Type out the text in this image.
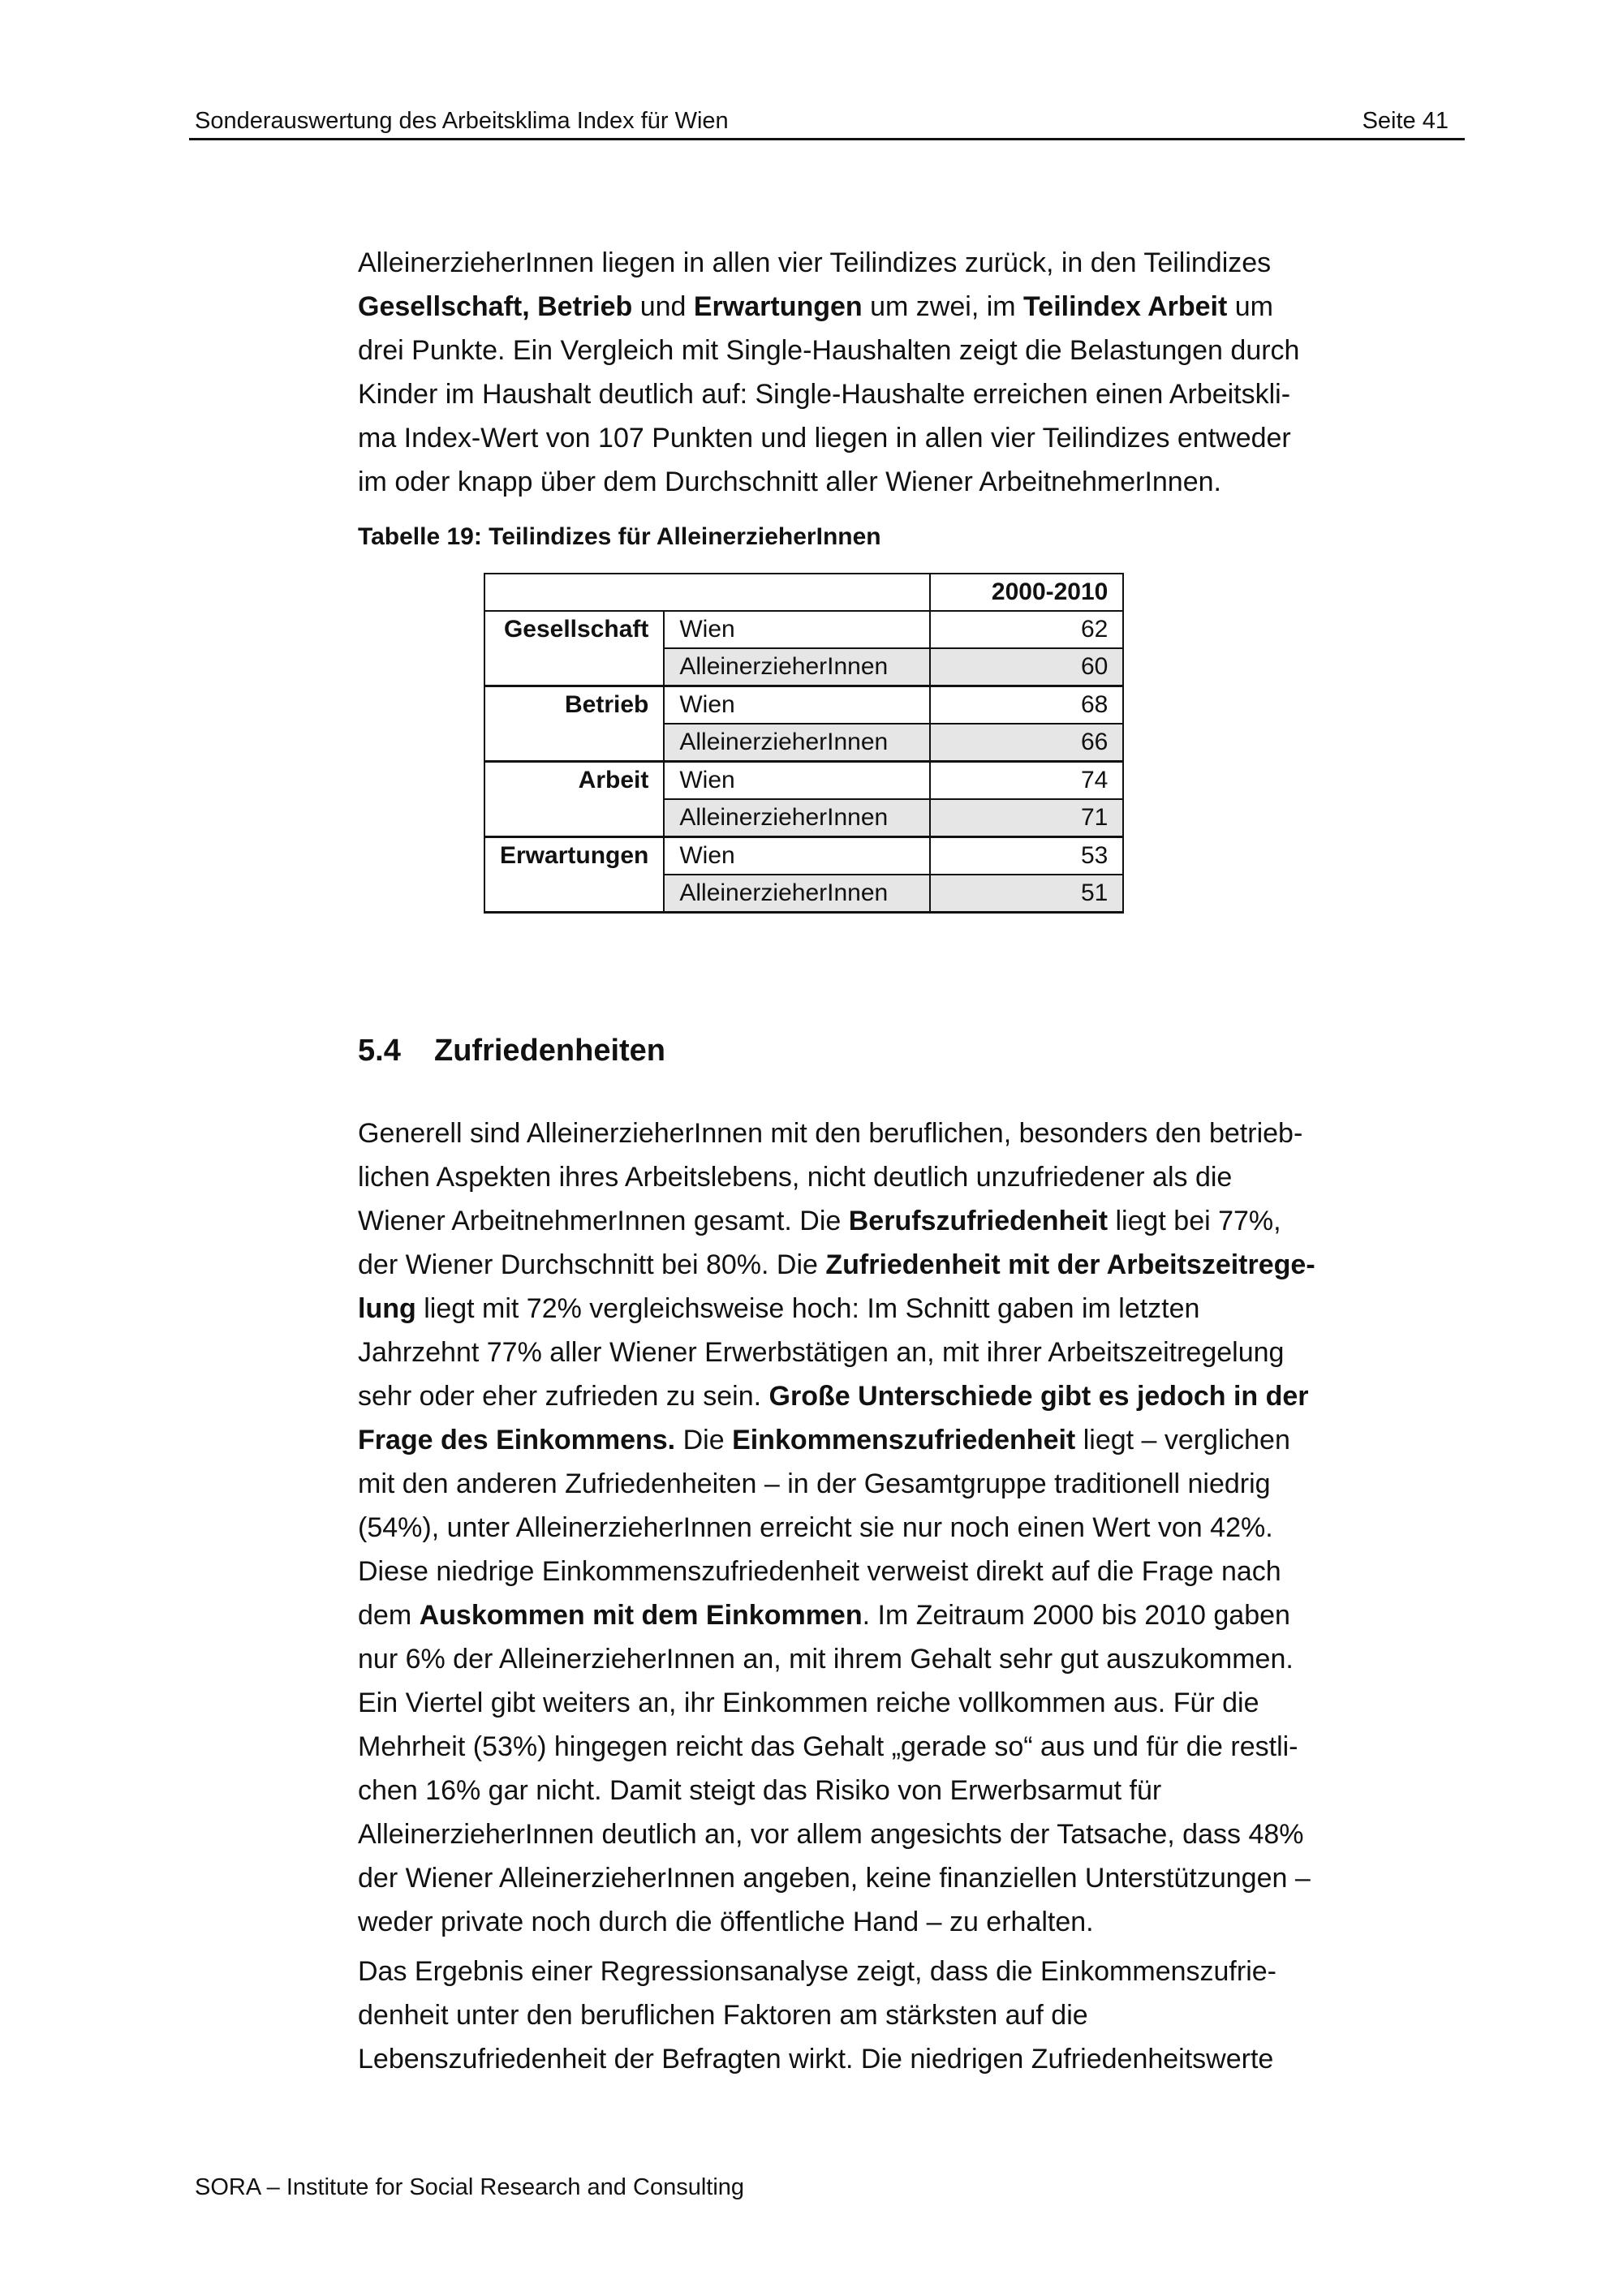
Sonderauswertung des Arbeitsklima Index für Wien	Seite 41
AlleinerzieherInnen liegen in allen vier Teilindizes zurück, in den Teilindizes
Gesellschaft, Betrieb und Erwartungen um zwei, im Teilindex Arbeit um
drei Punkte. Ein Vergleich mit Single-Haushalten zeigt die Belastungen durch
Kinder im Haushalt deutlich auf: Single-Haushalte erreichen einen Arbeitskli-
ma Index-Wert von 107 Punkten und liegen in allen vier Teilindizes entweder
im oder knapp über dem Durchschnitt aller Wiener ArbeitnehmerInnen.
Tabelle 19: Teilindizes für AlleinerzieherInnen
		2000-2010
Gesellschaft	Wien	62
	AlleinerzieherInnen	60
Betrieb	Wien	68
	AlleinerzieherInnen	66
Arbeit	Wien	74
	AlleinerzieherInnen	71
Erwartungen	Wien	53
	AlleinerzieherInnen	51
5.4 Zufriedenheiten
Generell sind AlleinerzieherInnen mit den beruflichen, besonders den betrieb-
lichen Aspekten ihres Arbeitslebens, nicht deutlich unzufriedener als die
Wiener ArbeitnehmerInnen gesamt. Die Berufszufriedenheit liegt bei 77%,
der Wiener Durchschnitt bei 80%. Die Zufriedenheit mit der Arbeitszeitrege-
lung liegt mit 72% vergleichsweise hoch: Im Schnitt gaben im letzten
Jahrzehnt 77% aller Wiener Erwerbstätigen an, mit ihrer Arbeitszeitregelung
sehr oder eher zufrieden zu sein. Große Unterschiede gibt es jedoch in der
Frage des Einkommens. Die Einkommenszufriedenheit liegt – verglichen
mit den anderen Zufriedenheiten – in der Gesamtgruppe traditionell niedrig
(54%), unter AlleinerzieherInnen erreicht sie nur noch einen Wert von 42%.
Diese niedrige Einkommenszufriedenheit verweist direkt auf die Frage nach
dem Auskommen mit dem Einkommen. Im Zeitraum 2000 bis 2010 gaben
nur 6% der AlleinerzieherInnen an, mit ihrem Gehalt sehr gut auszukommen.
Ein Viertel gibt weiters an, ihr Einkommen reiche vollkommen aus. Für die
Mehrheit (53%) hingegen reicht das Gehalt „gerade so“ aus und für die restli-
chen 16% gar nicht. Damit steigt das Risiko von Erwerbsarmut für
AlleinerzieherInnen deutlich an, vor allem angesichts der Tatsache, dass 48%
der Wiener AlleinerzieherInnen angeben, keine finanziellen Unterstützungen –
weder private noch durch die öffentliche Hand – zu erhalten.
Das Ergebnis einer Regressionsanalyse zeigt, dass die Einkommenszufrie-
denheit unter den beruflichen Faktoren am stärksten auf die
Lebenszufriedenheit der Befragten wirkt. Die niedrigen Zufriedenheitswerte
SORA – Institute for Social Research and Consulting
